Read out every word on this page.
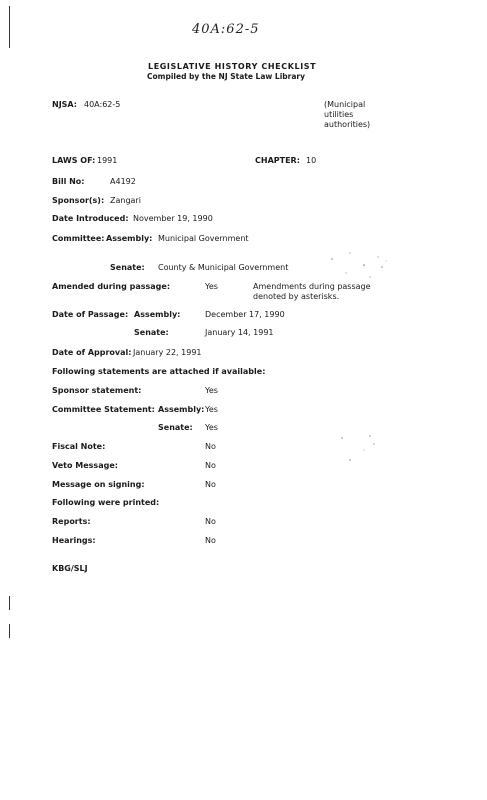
40A:62-5
LEGISLATIVE HISTORY CHECKLIST
Compiled by the NJ State Law Library
NJSA: 40A:62-5	(Municipal
utilities
authorities)
LAWS OF: 1991	CHAPTER: 10
Bill No:	A4192
Sponsor(s): Zangari
Date Introduced: November 19, 1990
Committee: Assembly: Municipal Government
Senate: County & Municipal Government
Amended during passage:	Yes	Amendments during passage
denoted by asterisks.
Date of Passage: Assembly:	December 17, 1990
Senate:	January 14, 1991
Date of Approval: January 22, 1991
Following statements are attached if available:
Sponsor statement:	Yes
Committee Statement: Assembly: Yes
Senate: Yes
Fiscal Note:	No
Veto Message:	No
Message on signing:	No
Following were printed:
Reports:	No
Hearings:	No
KBG/SLJ
